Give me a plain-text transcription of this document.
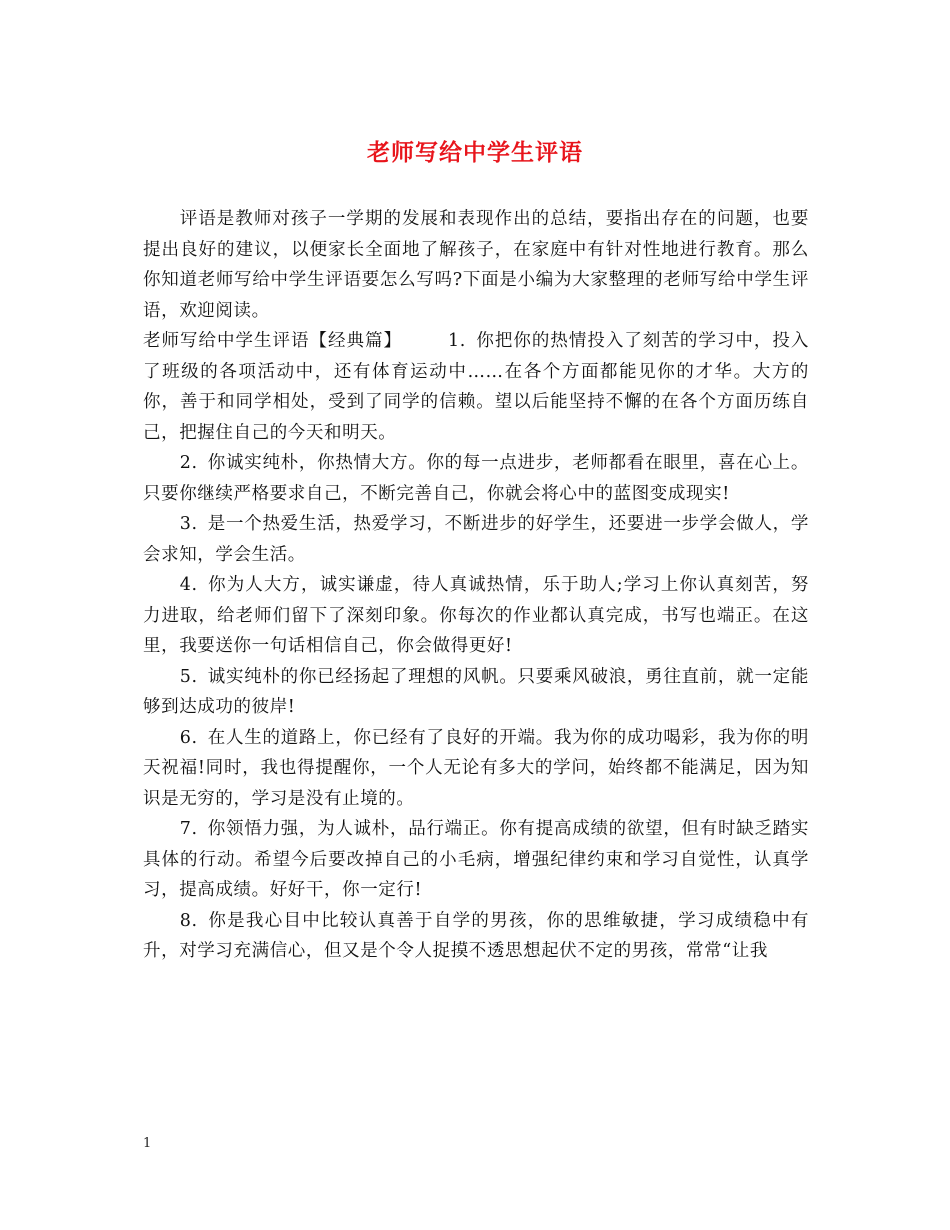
老师写给中学生评语

评语是教师对孩子一学期的发展和表现作出的总结，要指出存在的问题，也要提出良好的建议，以便家长全面地了解孩子，在家庭中有针对性地进行教育。那么你知道老师写给中学生评语要怎么写吗?下面是小编为大家整理的老师写给中学生评语，欢迎阅读。

老师写给中学生评语【经典篇】	1. 你把你的热情投入了刻苦的学习中，投入了班级的各项活动中，还有体育运动中……在各个方面都能见你的才华。大方的你，善于和同学相处，受到了同学的信赖。望以后能坚持不懈的在各个方面历练自己，把握住自己的今天和明天。

2. 你诚实纯朴，你热情大方。你的每一点进步，老师都看在眼里，喜在心上。只要你继续严格要求自己，不断完善自己，你就会将心中的蓝图变成现实!

3. 是一个热爱生活，热爱学习，不断进步的好学生，还要进一步学会做人，学会求知，学会生活。

4. 你为人大方，诚实谦虚，待人真诚热情，乐于助人;学习上你认真刻苦，努力进取，给老师们留下了深刻印象。你每次的作业都认真完成，书写也端正。在这里，我要送你一句话相信自己，你会做得更好!

5. 诚实纯朴的你已经扬起了理想的风帆。只要乘风破浪，勇往直前，就一定能够到达成功的彼岸!

6. 在人生的道路上，你已经有了良好的开端。我为你的成功喝彩，我为你的明天祝福!同时，我也得提醒你，一个人无论有多大的学问，始终都不能满足，因为知识是无穷的，学习是没有止境的。

7. 你领悟力强，为人诚朴，品行端正。你有提高成绩的欲望，但有时缺乏踏实具体的行动。希望今后要改掉自己的小毛病，增强纪律约束和学习自觉性，认真学习，提高成绩。好好干，你一定行!

8. 你是我心目中比较认真善于自学的男孩，你的思维敏捷，学习成绩稳中有升，对学习充满信心，但又是个令人捉摸不透思想起伏不定的男孩，常常“让我

1
